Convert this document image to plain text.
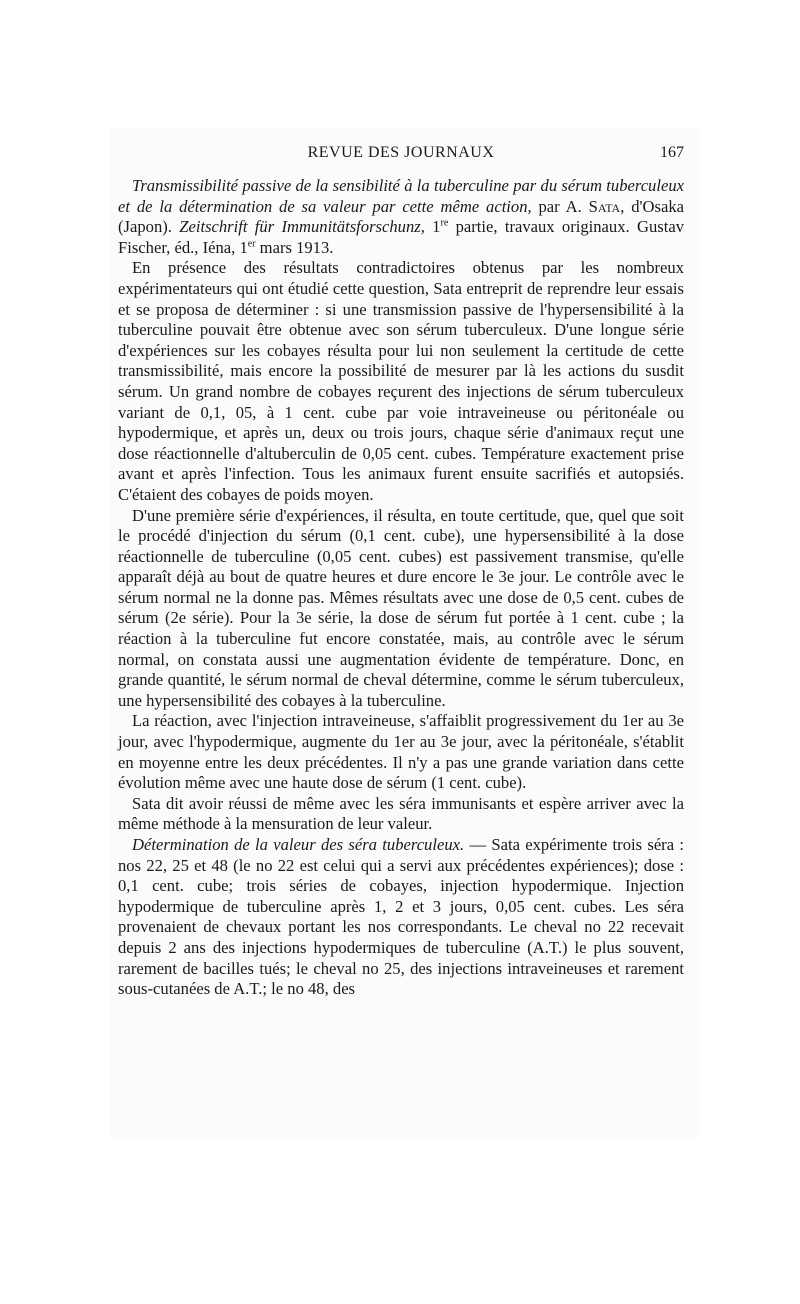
REVUE DES JOURNAUX	167

Transmissibilité passive de la sensibilité à la tuberculine par du sérum tuberculeux et de la détermination de sa valeur par cette même action, par A. Sata, d'Osaka (Japon). Zeitschrift für Immunitätsforschunz, 1re partie, travaux originaux. Gustav Fischer, éd., Iéna, 1er mars 1913.

En présence des résultats contradictoires obtenus par les nombreux expérimentateurs qui ont étudié cette question, Sata entreprit de reprendre leur essais et se proposa de déterminer : si une transmission passive de l'hypersensibilité à la tuberculine pouvait être obtenue avec son sérum tuberculeux. D'une longue série d'expériences sur les cobayes résulta pour lui non seulement la certitude de cette transmissibilité, mais encore la possibilité de mesurer par là les actions du susdit sérum. Un grand nombre de cobayes reçurent des injections de sérum tuberculeux variant de 0,1, 05, à 1 cent. cube par voie intraveineuse ou péritonéale ou hypodermique, et après un, deux ou trois jours, chaque série d'animaux reçut une dose réactionnelle d'altuberculin de 0,05 cent. cubes. Température exactement prise avant et après l'infection. Tous les animaux furent ensuite sacrifiés et autopsiés. C'étaient des cobayes de poids moyen.

D'une première série d'expériences, il résulta, en toute certitude, que, quel que soit le procédé d'injection du sérum (0,1 cent. cube), une hypersensibilité à la dose réactionnelle de tuberculine (0,05 cent. cubes) est passivement transmise, qu'elle apparaît déjà au bout de quatre heures et dure encore le 3e jour. Le contrôle avec le sérum normal ne la donne pas. Mêmes résultats avec une dose de 0,5 cent. cubes de sérum (2e série). Pour la 3e série, la dose de sérum fut portée à 1 cent. cube ; la réaction à la tuberculine fut encore constatée, mais, au contrôle avec le sérum normal, on constata aussi une augmentation évidente de température. Donc, en grande quantité, le sérum normal de cheval détermine, comme le sérum tuberculeux, une hypersensibilité des cobayes à la tuberculine.

La réaction, avec l'injection intraveineuse, s'affaiblit progressivement du 1er au 3e jour, avec l'hypodermique, augmente du 1er au 3e jour, avec la péritonéale, s'établit en moyenne entre les deux précédentes. Il n'y a pas une grande variation dans cette évolution même avec une haute dose de sérum (1 cent. cube).

Sata dit avoir réussi de même avec les séra immunisants et espère arriver avec la même méthode à la mensuration de leur valeur.

Détermination de la valeur des séra tuberculeux. — Sata expérimente trois séra : nos 22, 25 et 48 (le no 22 est celui qui a servi aux précédentes expériences); dose : 0,1 cent. cube; trois séries de cobayes, injection hypodermique. Injection hypodermique de tuberculine après 1, 2 et 3 jours, 0,05 cent. cubes. Les séra provenaient de chevaux portant les nos correspondants. Le cheval no 22 recevait depuis 2 ans des injections hypodermiques de tuberculine (A.T.) le plus souvent, rarement de bacilles tués; le cheval no 25, des injections intraveineuses et rarement sous-cutanées de A.T.; le no 48, des
